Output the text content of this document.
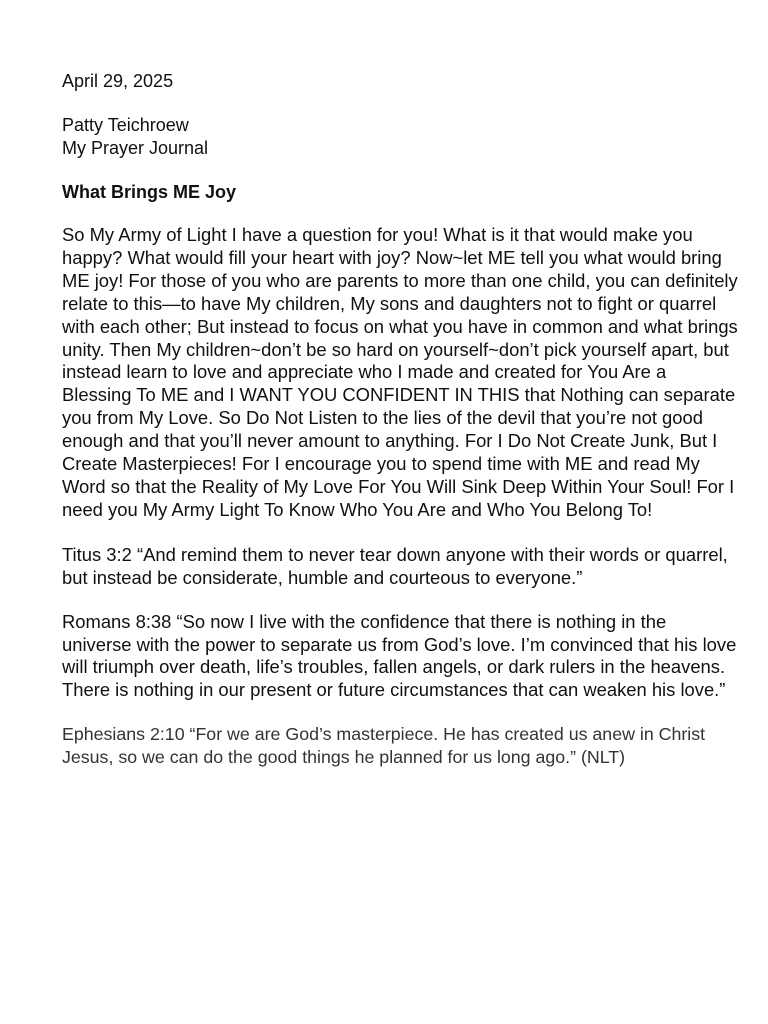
April 29, 2025
Patty Teichroew
My Prayer Journal
What Brings ME Joy

So My Army of Light I have a question for you! What is it that would make you happy? What would fill your heart with joy? Now~let ME tell you what would bring ME joy! For those of you who are parents to more than one child, you can definitely relate to this—to have My children, My sons and daughters not to fight or quarrel with each other; But instead to focus on what you have in common and what brings unity. Then My children~don’t be so hard on yourself~don’t pick yourself apart, but instead learn to love and appreciate who I made and created for You Are a Blessing To ME and I WANT YOU CONFIDENT IN THIS that Nothing can separate you from My Love. So Do Not Listen to the lies of the devil that you’re not good enough and that you’ll never amount to anything. For I Do Not Create Junk, But I Create Masterpieces! For I encourage you to spend time with ME and read My Word so that the Reality of My Love For You Will Sink Deep Within Your Soul! For I need you My Army Light To Know Who You Are and Who You Belong To!

Titus 3:2 “And remind them to never tear down anyone with their words or quarrel, but instead be considerate, humble and courteous to everyone.”

Romans 8:38 “So now I live with the confidence that there is nothing in the universe with the power to separate us from God’s love. I’m convinced that his love will triumph over death, life’s troubles, fallen angels, or dark rulers in the heavens. There is nothing in our present or future circumstances that can weaken his love.”

Ephesians 2:10 “For we are God’s masterpiece. He has created us anew in Christ Jesus, so we can do the good things he planned for us long ago.” (NLT)
